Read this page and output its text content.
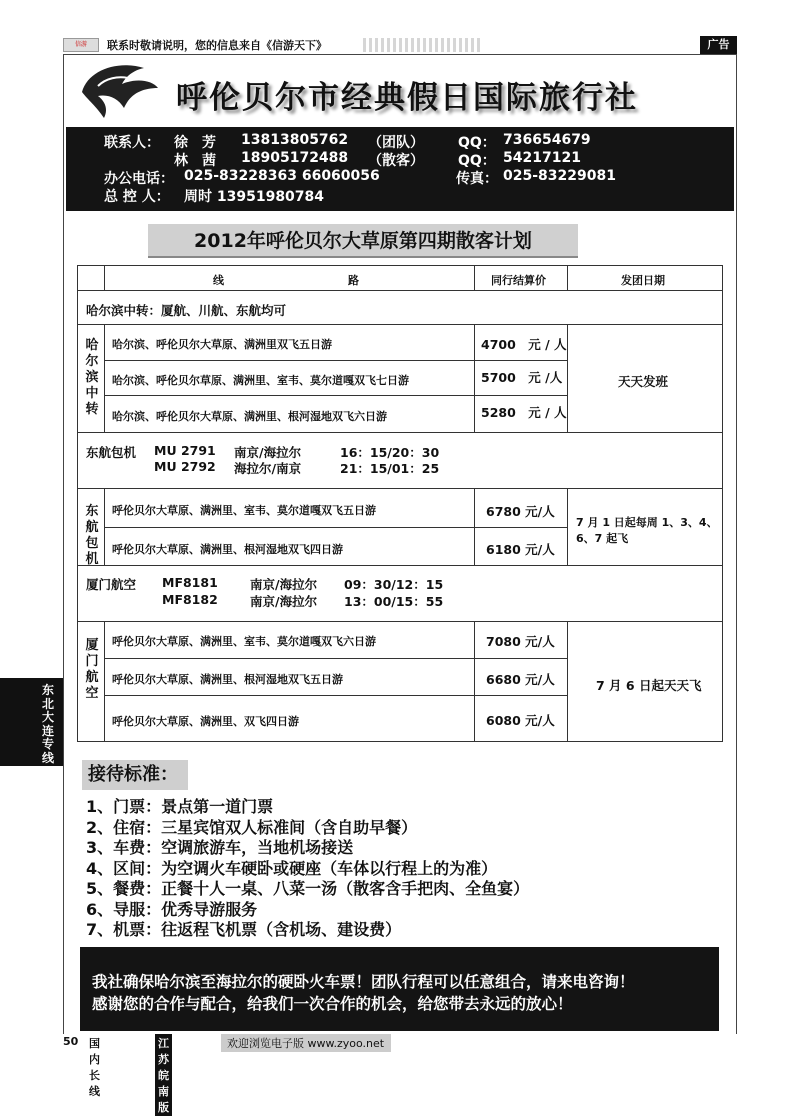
信游	联系时敬请说明，您的信息来自《信游天下》	广告
呼伦贝尔市经典假日国际旅行社
联系人： 徐　芳 13813805762 （团队） QQ： 736654679
林　茜 18905172488 （散客） QQ： 54217121
办公电话： 025-83228363 66060056	传真： 025-83229081
总 控 人： 周时 13951980784
2012年呼伦贝尔大草原第四期散客计划
线	路	同行结算价	发团日期
哈尔滨中转：厦航、川航、东航均可
哈尔滨中转
哈尔滨、呼伦贝尔大草原、满洲里双飞五日游	4700　元 / 人
哈尔滨、呼伦贝尔草原、满洲里、室韦、莫尔道嘎双飞七日游	5700　元 /人
哈尔滨、呼伦贝尔大草原、满洲里、根河湿地双飞六日游	5280　元 / 人
天天发班
东航包机 MU 2791 南京/海拉尔	16：15/20：30
MU 2792 海拉尔/南京	21：15/01：25
东航包机
呼伦贝尔大草原、满洲里、室韦、莫尔道嘎双飞五日游	6780 元/人
呼伦贝尔大草原、满洲里、根河湿地双飞四日游	6180 元/人
7 月 1 日起每周 1、3、4、
6、7 起飞
厦门航空 MF8181	南京/海拉尔 09：30/12：15
MF8182	南京/海拉尔 13：00/15：55
厦门航空
呼伦贝尔大草原、满洲里、室韦、莫尔道嘎双飞六日游	7080 元/人
呼伦贝尔大草原、满洲里、根河湿地双飞五日游	6680 元/人
呼伦贝尔大草原、满洲里、双飞四日游	6080 元/人
7 月 6 日起天天飞
东北大连专线
接待标准：
1、门票：景点第一道门票
2、住宿：三星宾馆双人标准间（含自助早餐）
3、车费：空调旅游车，当地机场接送
4、区间：为空调火车硬卧或硬座（车体以行程上的为准）
5、餐费：正餐十人一桌、八菜一汤（散客含手把肉、全鱼宴）
6、导服：优秀导游服务
7、机票：往返程飞机票（含机场、建设费）
我社确保哈尔滨至海拉尔的硬卧火车票！团队行程可以任意组合，请来电咨询！
感谢您的合作与配合，给我们一次合作的机会，给您带去永远的放心！
50 国内长线
江苏皖南版
欢迎浏览电子版 www.zyoo.net
